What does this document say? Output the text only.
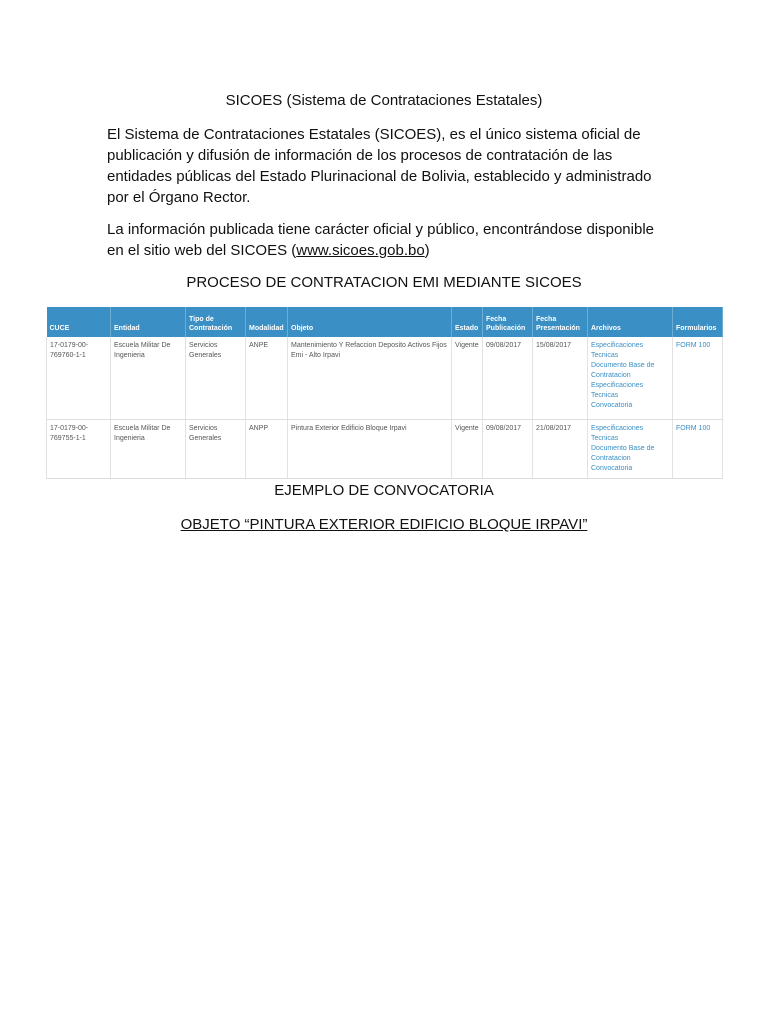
SICOES (Sistema de Contrataciones Estatales)
El Sistema de Contrataciones Estatales (SICOES), es el único sistema oficial de publicación y difusión de información de los procesos de contratación de las entidades públicas del Estado Plurinacional de Bolivia, establecido y administrado por el Órgano Rector.
La información publicada tiene carácter oficial y público, encontrándose disponible en el sitio web del SICOES (www.sicoes.gob.bo)
PROCESO DE CONTRATACION EMI MEDIANTE SICOES
CUCE	Entidad	Tipo de Contratación	Modalidad	Objeto	Estado	Fecha Publicación	Fecha Presentación	Archivos	Formularios
17-0179-00-769760-1-1	Escuela Militar De Ingenieria	Servicios Generales	ANPE	Mantenimiento Y Refaccion Deposito Activos Fijos Emi - Alto Irpavi	Vigente	09/08/2017	15/08/2017	Especificaciones Tecnicas
Documento Base de Contratacion
Especificaciones Tecnicas
Convocatoria	FORM 100

17-0179-00-769755-1-1	Escuela Militar De Ingenieria	Servicios Generales	ANPP	Pintura Exterior Edificio Bloque Irpavi	Vigente	09/08/2017	21/08/2017	Especificaciones Tecnicas
Documento Base de Contratacion
Convocatoria	FORM 100
EJEMPLO DE CONVOCATORIA
OBJETO “PINTURA EXTERIOR EDIFICIO BLOQUE IRPAVI”
